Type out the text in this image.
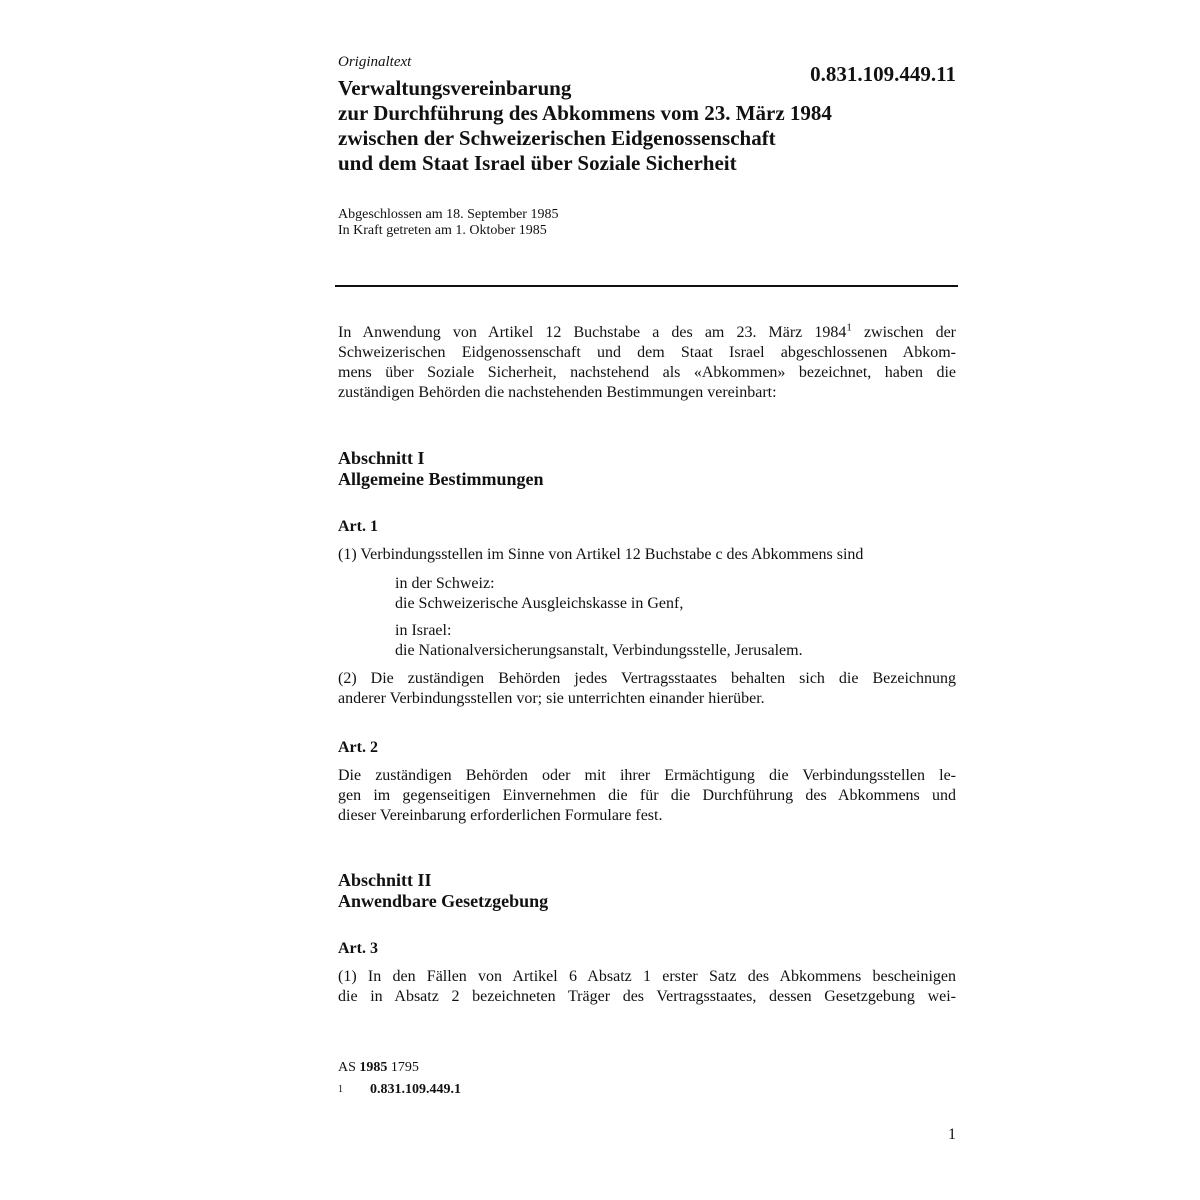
Originaltext	0.831.109.449.11
Verwaltungsvereinbarung
zur Durchführung des Abkommens vom 23. März 1984
zwischen der Schweizerischen Eidgenossenschaft
und dem Staat Israel über Soziale Sicherheit
Abgeschlossen am 18. September 1985
In Kraft getreten am 1. Oktober 1985
In Anwendung von Artikel 12 Buchstabe a des am 23. März 1984$^1$ zwischen der
Schweizerischen Eidgenossenschaft und dem Staat Israel abgeschlossenen Abkom-
mens über Soziale Sicherheit, nachstehend als «Abkommen» bezeichnet, haben die
zuständigen Behörden die nachstehenden Bestimmungen vereinbart:
Abschnitt I
Allgemeine Bestimmungen
Art. 1
(1) Verbindungsstellen im Sinne von Artikel 12 Buchstabe c des Abkommens sind
in der Schweiz:
die Schweizerische Ausgleichskasse in Genf,
in Israel:
die Nationalversicherungsanstalt, Verbindungsstelle, Jerusalem.
(2) Die zuständigen Behörden jedes Vertragsstaates behalten sich die Bezeichnung
anderer Verbindungsstellen vor; sie unterrichten einander hierüber.
Art. 2
Die zuständigen Behörden oder mit ihrer Ermächtigung die Verbindungsstellen le-
gen im gegenseitigen Einvernehmen die für die Durchführung des Abkommens und
dieser Vereinbarung erforderlichen Formulare fest.
Abschnitt II
Anwendbare Gesetzgebung
Art. 3
(1) In den Fällen von Artikel 6 Absatz 1 erster Satz des Abkommens bescheinigen
die in Absatz 2 bezeichneten Träger des Vertragsstaates, dessen Gesetzgebung wei-
AS 1985 1795
$^1$ 0.831.109.449.1
1
